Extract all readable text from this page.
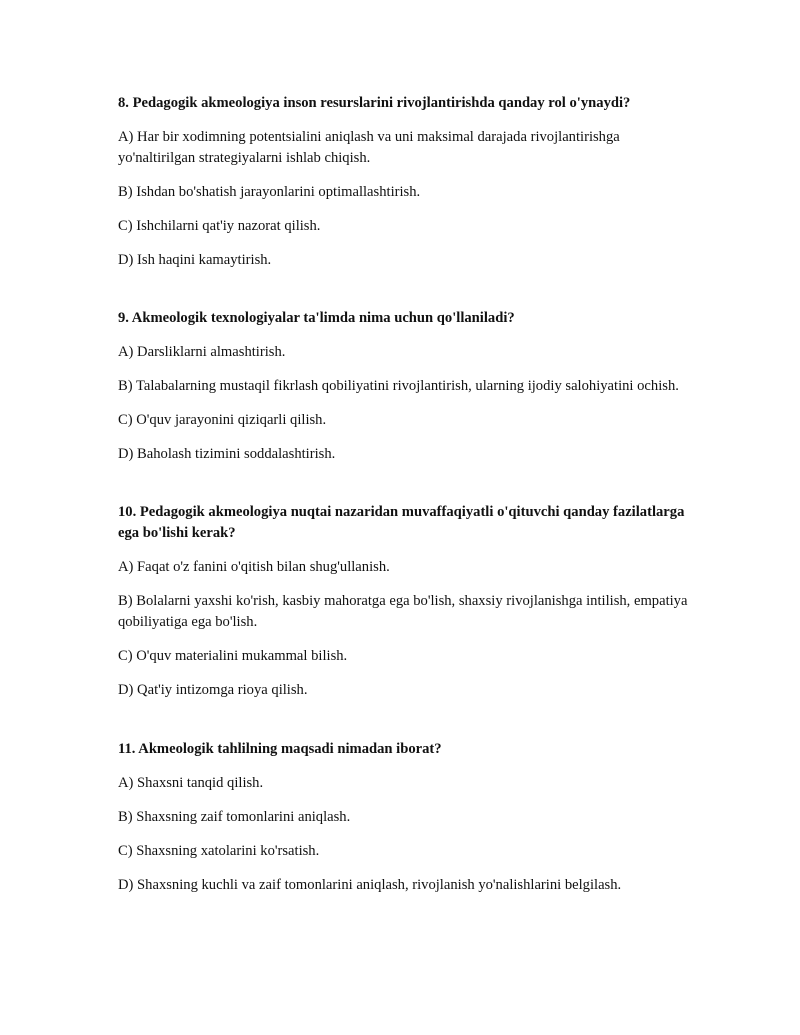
8. Pedagogik akmeologiya inson resurslarini rivojlantirishda qanday rol o'ynaydi?

A) Har bir xodimning potentsialini aniqlash va uni maksimal darajada rivojlantirishga yo'naltirilgan strategiyalarni ishlab chiqish.

B) Ishdan bo'shatish jarayonlarini optimallashtirish.

C) Ishchilarni qat'iy nazorat qilish.

D) Ish haqini kamaytirish.

9. Akmeologik texnologiyalar ta'limda nima uchun qo'llaniladi?

A) Darsliklarni almashtirish.

B) Talabalarning mustaqil fikrlash qobiliyatini rivojlantirish, ularning ijodiy salohiyatini ochish.

C) O'quv jarayonini qiziqarli qilish.

D) Baholash tizimini soddalashtirish.

10. Pedagogik akmeologiya nuqtai nazaridan muvaffaqiyatli o'qituvchi qanday fazilatlarga ega bo'lishi kerak?

A) Faqat o'z fanini o'qitish bilan shug'ullanish.

B) Bolalarni yaxshi ko'rish, kasbiy mahoratga ega bo'lish, shaxsiy rivojlanishga intilish, empatiya qobiliyatiga ega bo'lish.

C) O'quv materialini mukammal bilish.

D) Qat'iy intizomga rioya qilish.

11. Akmeologik tahlilning maqsadi nimadan iborat?

A) Shaxsni tanqid qilish.

B) Shaxsning zaif tomonlarini aniqlash.

C) Shaxsning xatolarini ko'rsatish.

D) Shaxsning kuchli va zaif tomonlarini aniqlash, rivojlanish yo'nalishlarini belgilash.
